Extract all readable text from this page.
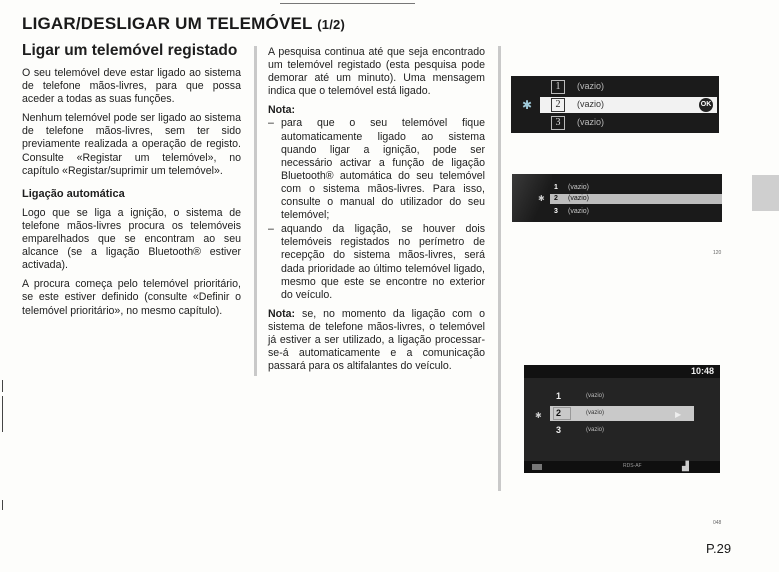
LIGAR/DESLIGAR UM TELEMÓVEL (1/2)
Ligar um telemóvel registado

O seu telemóvel deve estar ligado ao sistema de telefone mãos-livres, para que possa aceder a todas as suas funções.

Nenhum telemóvel pode ser ligado ao sistema de telefone mãos-livres, sem ter sido previamente realizada a operação de registo. Consulte «Registar um telemóvel», no capítulo «Registar/suprimir um telemóvel».

Ligação automática

Logo que se liga a ignição, o sistema de telefone mãos-livres procura os telemóveis emparelhados que se encontram ao seu alcance (se a ligação Bluetooth® estiver activada).

A procura começa pelo telemóvel prioritário, se este estiver definido (consulte «Definir o telemóvel prioritário», no mesmo capítulo).

A pesquisa continua até que seja encontrado um telemóvel registado (esta pesquisa pode demorar até um minuto). Uma mensagem indica que o telemóvel está ligado.

Nota:
– para que o seu telemóvel fique automaticamente ligado ao sistema quando ligar a ignição, pode ser necessário activar a função de ligação Bluetooth® automática do seu telemóvel com o sistema mãos-livres. Para isso, consulte o manual do utilizador do seu telemóvel;
– aquando da ligação, se houver dois telemóveis registados no perímetro de recepção do sistema mãos-livres, será dada prioridade ao último telemóvel ligado, mesmo que este se encontre no exterior do veículo.

Nota: se, no momento da ligação com o sistema de telefone mãos-livres, o telemóvel já estiver a ser utilizado, a ligação processar-se-á automaticamente e a comunicação passará para os altifalantes do veículo.

✱
1	(vazio)
2	(vazio)	OK
3	(vazio)
✱
1 (vazio)
2 (vazio)
3 (vazio)
120
10:48
✱
1	(vazio)
2	(vazio)	▶
3	(vazio)
RDS-AF	▟
048
P.29
